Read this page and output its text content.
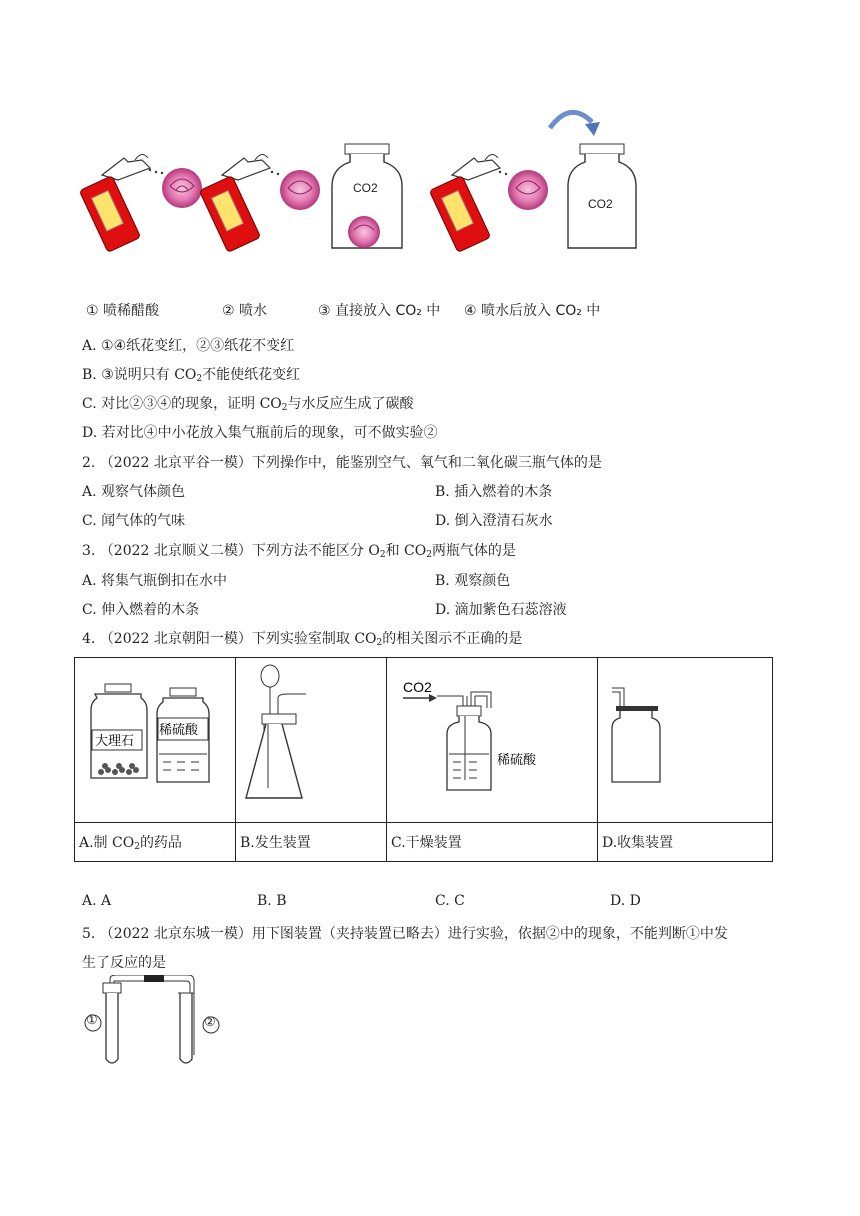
CO2
CO2
① 喷稀醋酸	② 喷水	③ 直接放入 CO₂ 中 ④ 喷水后放入 CO₂ 中
A. ①④纸花变红，②③纸花不变红
B. ③说明只有 $CO_2$不能使纸花变红
C. 对比②③④的现象，证明 $CO_2$与水反应生成了碳酸
D. 若对比④中小花放入集气瓶前后的现象，可不做实验②
2. （2022 北京平谷一模）下列操作中，能鉴别空气、氧气和二氧化碳三瓶气体的是
A. 观察气体颜色	B. 插入燃着的木条
C. 闻气体的气味	D. 倒入澄清石灰水
3. （2022 北京顺义二模）下列方法不能区分 $O_2$和 $CO_2$两瓶气体的是
A. 将集气瓶倒扣在水中	B. 观察颜色
C. 伸入燃着的木条	D. 滴加紫色石蕊溶液
4. （2022 北京朝阳一模）下列实验室制取 $CO_2$的相关图示不正确的是
大理石
稀硫酸		CO2
稀硫酸

A.制 $CO_2$的药品	B.发生装置	C.干燥装置	D.收集装置
A. A	B. B	C. C	D. D
5. （2022 北京东城一模）用下图装置（夹持装置已略去）进行实验，依据②中的现象，不能判断①中发
生了反应的是
①	②
